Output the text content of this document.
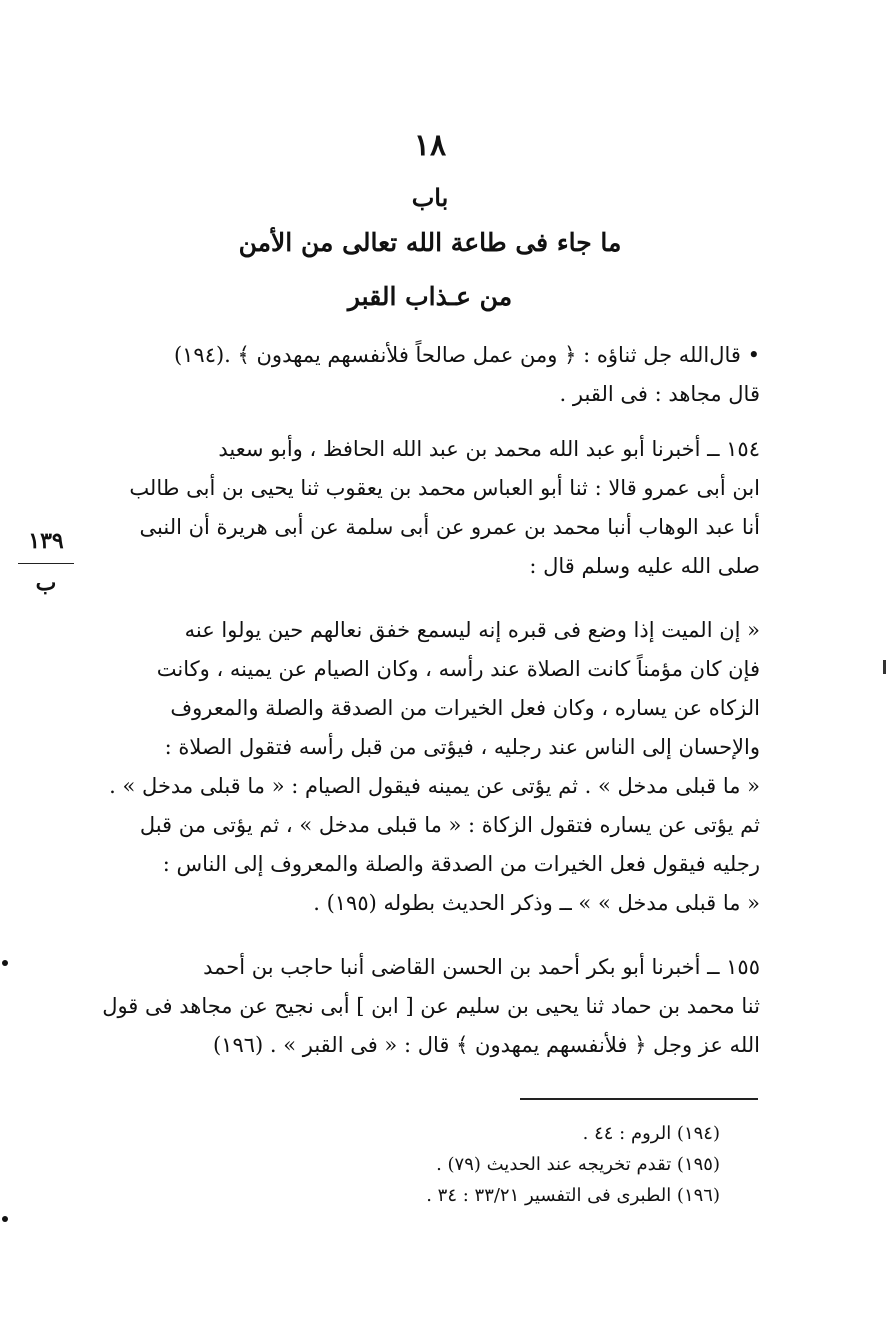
١٨
باب
ما جاء فى طاعة الله تعالى من الأمن
من عـذاب القبر
• قال‌الله جل ثناؤه : ﴿ ومن عمل صالحاً فلأنفسهم يمهدون ﴾ .(١٩٤)
قال مجاهد : فى القبر .
١٥٤ ــ أخبرنا أبو عبد الله محمد بن عبد الله الحافظ ، وأبو سعيد
ابن أبى عمرو قالا : ثنا أبو العباس محمد بن يعقوب ثنا يحيى بن أبى طالب
أنا عبد الوهاب أنبا محمد بن عمرو عن أبى سلمة عن أبى هريرة أن النبى
صلى الله عليه وسلم قال :
« إن الميت إذا وضع فى قبره إنه ليسمع خفق نعالهم حين يولوا عنه
فإن كان مؤمناً كانت الصلاة عند رأسه ، وكان الصيام عن يمينه ، وكانت
الزكاه عن يساره ، وكان فعل الخيرات من الصدقة والصلة والمعروف
والإحسان إلى الناس عند رجليه ، فيؤتى من قبل رأسه فتقول الصلاة :
« ما قبلى مدخل » . ثم يؤتى عن يمينه فيقول الصيام : « ما قبلى مدخل » .
ثم يؤتى عن يساره فتقول الزكاة : « ما قبلى مدخل » ، ثم يؤتى من قبل
رجليه فيقول فعل الخيرات من الصدقة والصلة والمعروف إلى الناس :
« ما قبلى مدخل » » ــ وذكر الحديث بطوله (١٩٥) .
١٥٥ ــ أخبرنا أبو بكر أحمد بن الحسن القاضى أنبا حاجب بن أحمد
ثنا محمد بن حماد ثنا يحيى بن سليم عن [ ابن ] أبى نجيح عن مجاهد فى قول
الله عز وجل ﴿ فلأنفسهم يمهدون ﴾ قال : « فى القبر » . (١٩٦)
١٣٩
ب
(١٩٤) الروم : ٤٤ .
(١٩٥) تقدم تخريجه عند الحديث (٧٩) .
(١٩٦) الطبرى فى التفسير ٣٣/٢١ : ٣٤ .
